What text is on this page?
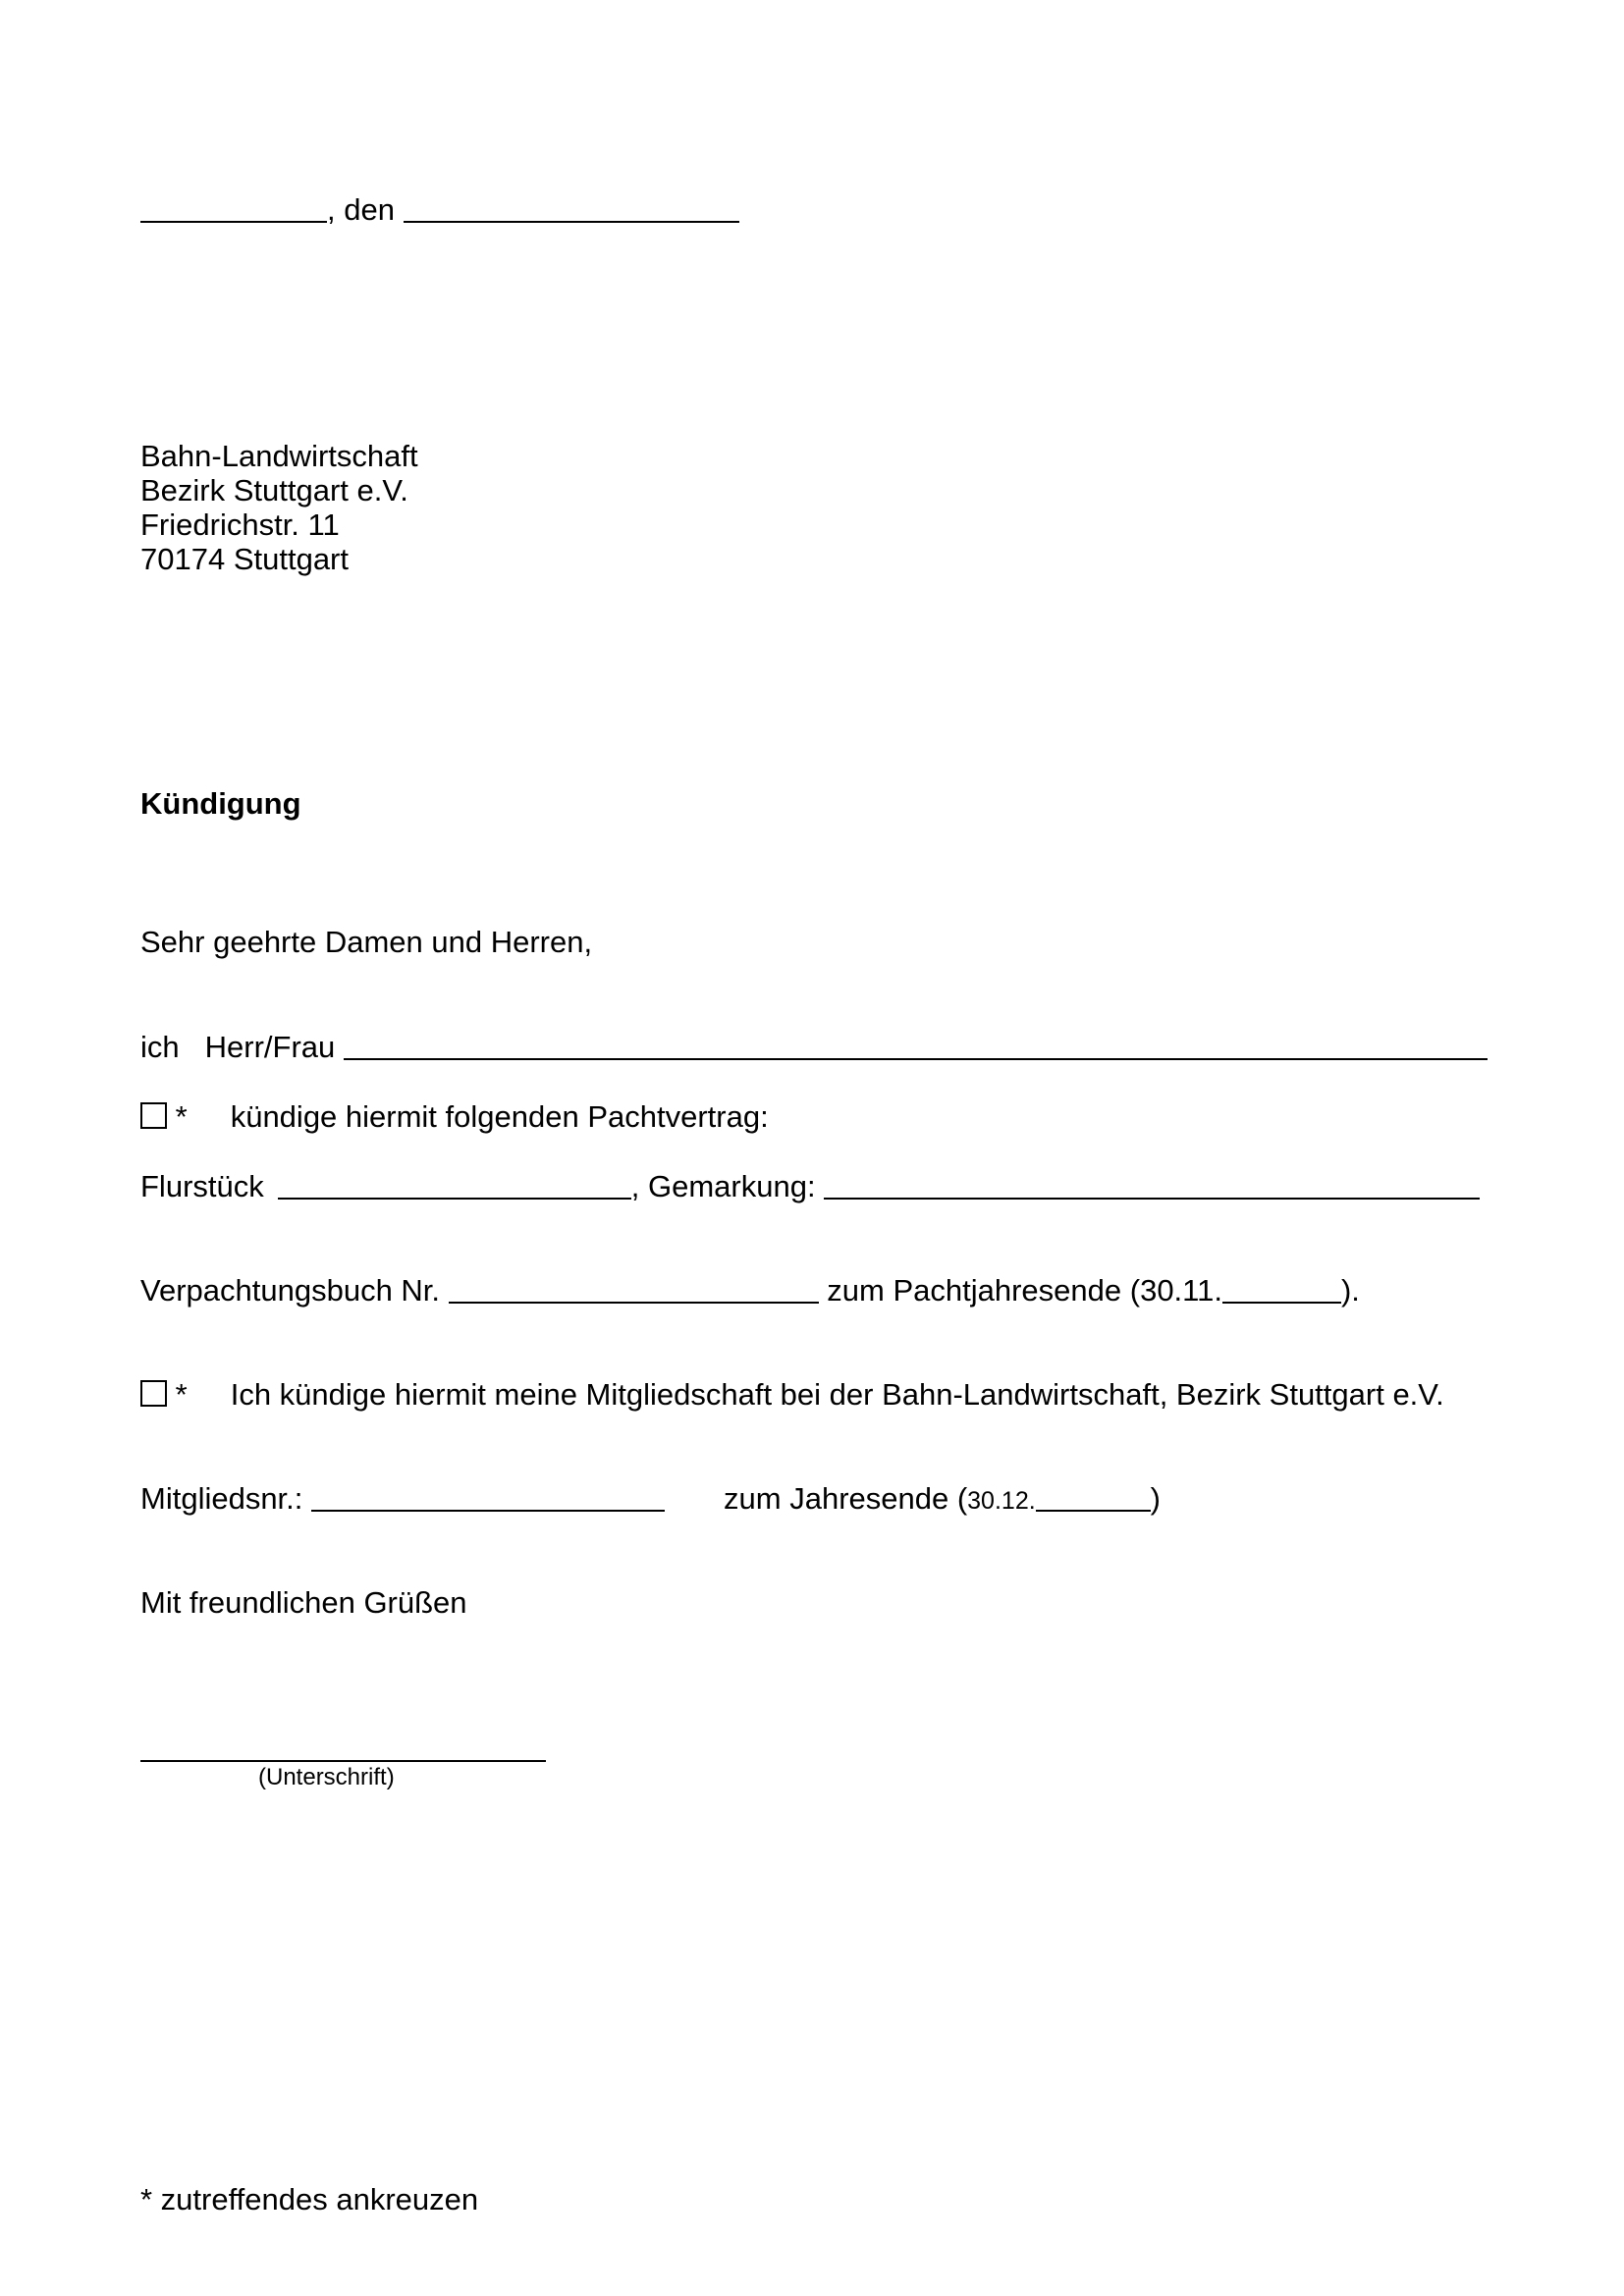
, den
Bahn-Landwirtschaft
Bezirk Stuttgart e.V.
Friedrichstr. 11
70174 Stuttgart
Kündigung
Sehr geehrte Damen und Herren,
ich Herr/Frau
* kündige hiermit folgenden Pachtvertrag:
Flurstück	, Gemarkung:
Verpachtungsbuch Nr.	zum Pachtjahresende (30.11.	).
* Ich kündige hiermit meine Mitgliedschaft bei der Bahn-Landwirtschaft, Bezirk Stuttgart e.V.
Mitgliedsnr.:	zum Jahresende (30.12.	)
Mit freundlichen Grüßen
(Unterschrift)
* zutreffendes ankreuzen
